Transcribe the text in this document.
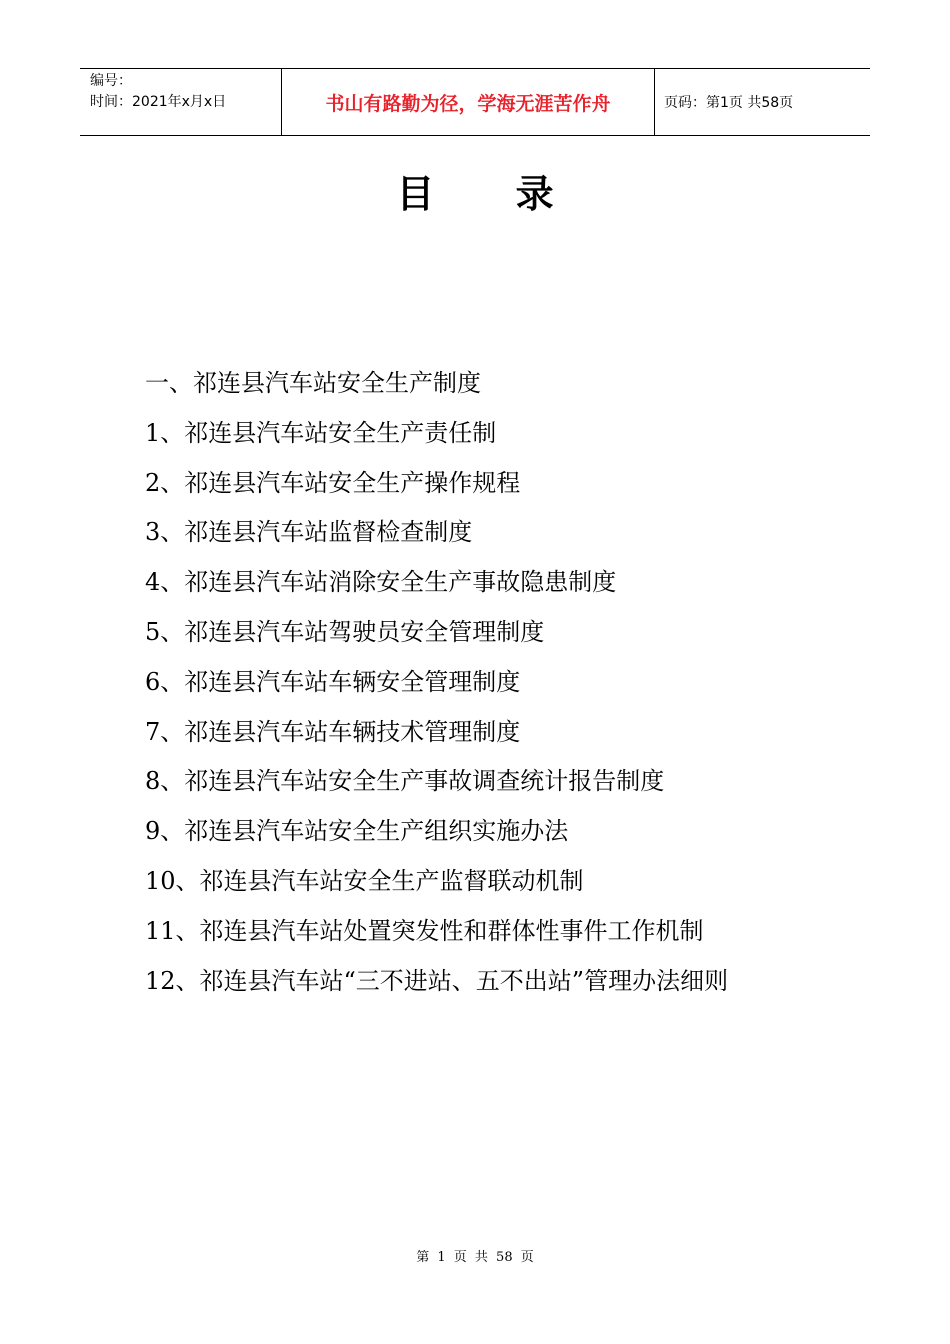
编号：
时间：2021年x月x日	书山有路勤为径，学海无涯苦作舟	页码：第1页 共58页
目 录
一、祁连县汽车站安全生产制度
1、祁连县汽车站安全生产责任制
2、祁连县汽车站安全生产操作规程
3、祁连县汽车站监督检查制度
4、祁连县汽车站消除安全生产事故隐患制度
5、祁连县汽车站驾驶员安全管理制度
6、祁连县汽车站车辆安全管理制度
7、祁连县汽车站车辆技术管理制度
8、祁连县汽车站安全生产事故调查统计报告制度
9、祁连县汽车站安全生产组织实施办法
10、祁连县汽车站安全生产监督联动机制
11、祁连县汽车站处置突发性和群体性事件工作机制
12、祁连县汽车站“三不进站、五不出站”管理办法细则
第 1 页 共 58 页
